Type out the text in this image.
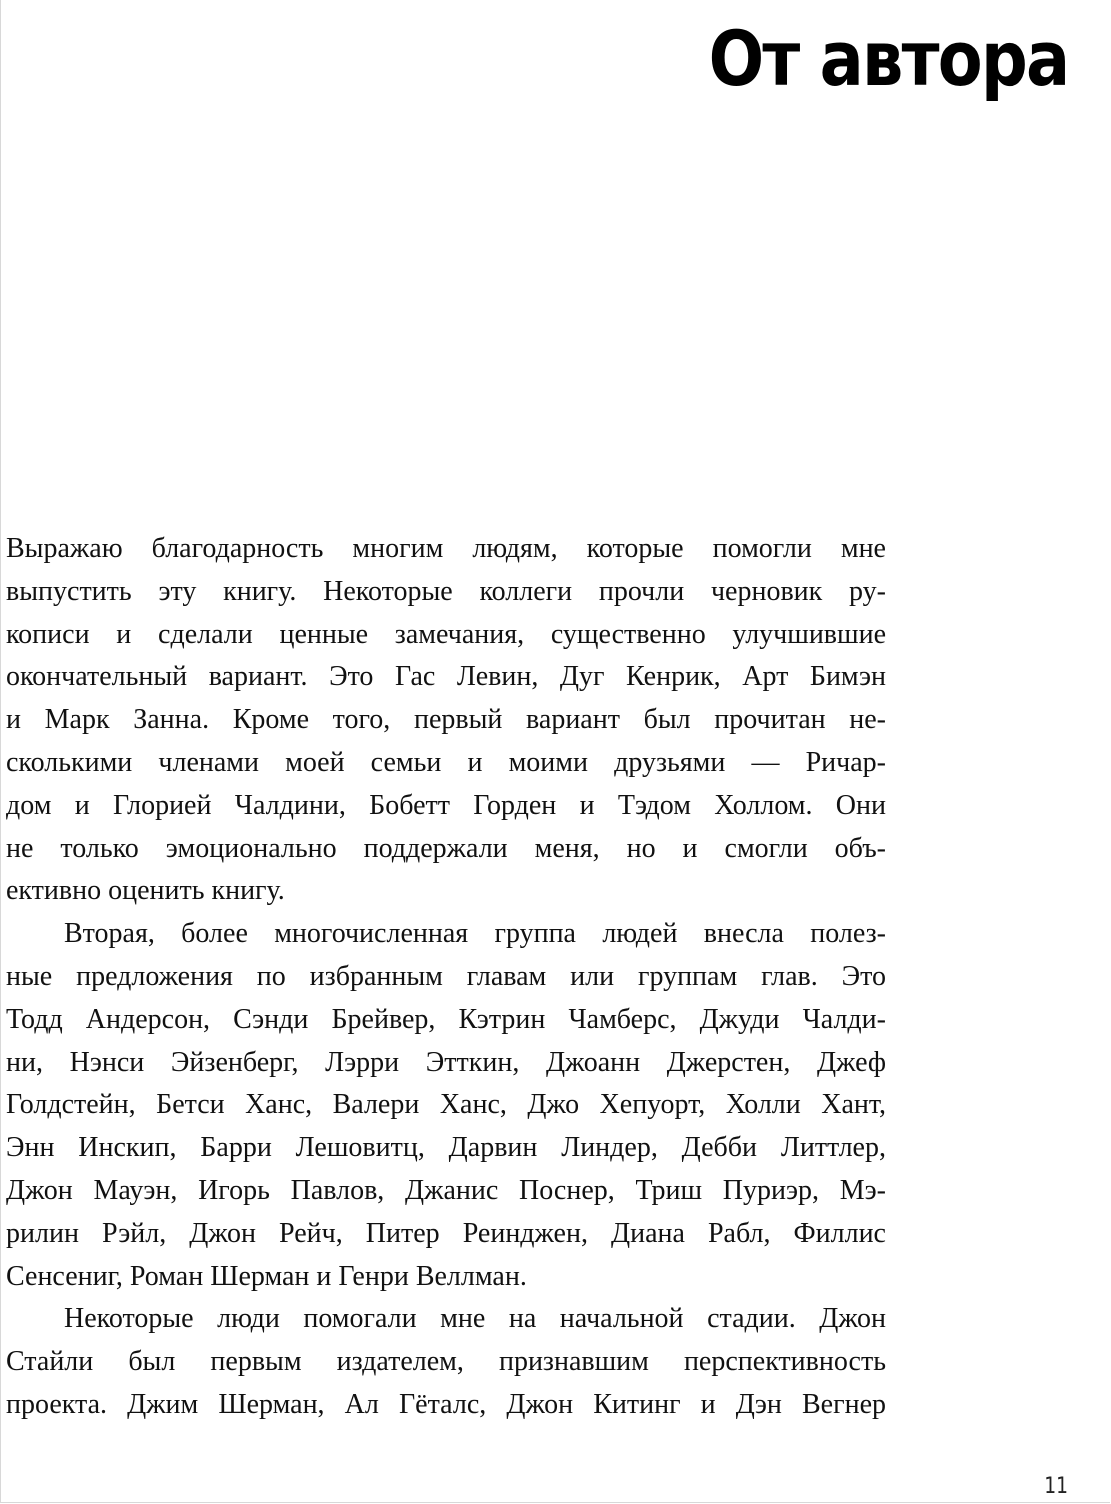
От автора
Выражаю благодарность многим людям, которые помогли мне
выпустить эту книгу. Некоторые коллеги прочли черновик ру-
кописи и сделали ценные замечания, существенно улучшившие
окончательный вариант. Это Гас Левин, Дуг Кенрик, Арт Бимэн
и Марк Занна. Кроме того, первый вариант был прочитан не-
сколькими членами моей семьи и моими друзьями — Ричар-
дом и Глорией Чалдини, Бобетт Горден и Тэдом Холлом. Они
не только эмоционально поддержали меня, но и смогли объ-
ективно оценить книгу.
Вторая, более многочисленная группа людей внесла полез-
ные предложения по избранным главам или группам глав. Это
Тодд Андерсон, Сэнди Брейвер, Кэтрин Чамберс, Джуди Чалди-
ни, Нэнси Эйзенберг, Лэрри Этткин, Джоанн Джерстен, Джеф
Голдстейн, Бетси Ханс, Валери Ханс, Джо Хепуорт, Холли Хант,
Энн Инскип, Барри Лешовитц, Дарвин Линдер, Дебби Литтлер,
Джон Мауэн, Игорь Павлов, Джанис Поснер, Триш Пуриэр, Мэ-
рилин Рэйл, Джон Рейч, Питер Реинджен, Диана Рабл, Филлис
Сенсениг, Роман Шерман и Генри Веллман.
Некоторые люди помогали мне на начальной стадии. Джон
Стайли был первым издателем, признавшим перспективность
проекта. Джим Шерман, Ал Гёталс, Джон Китинг и Дэн Вегнер
11
